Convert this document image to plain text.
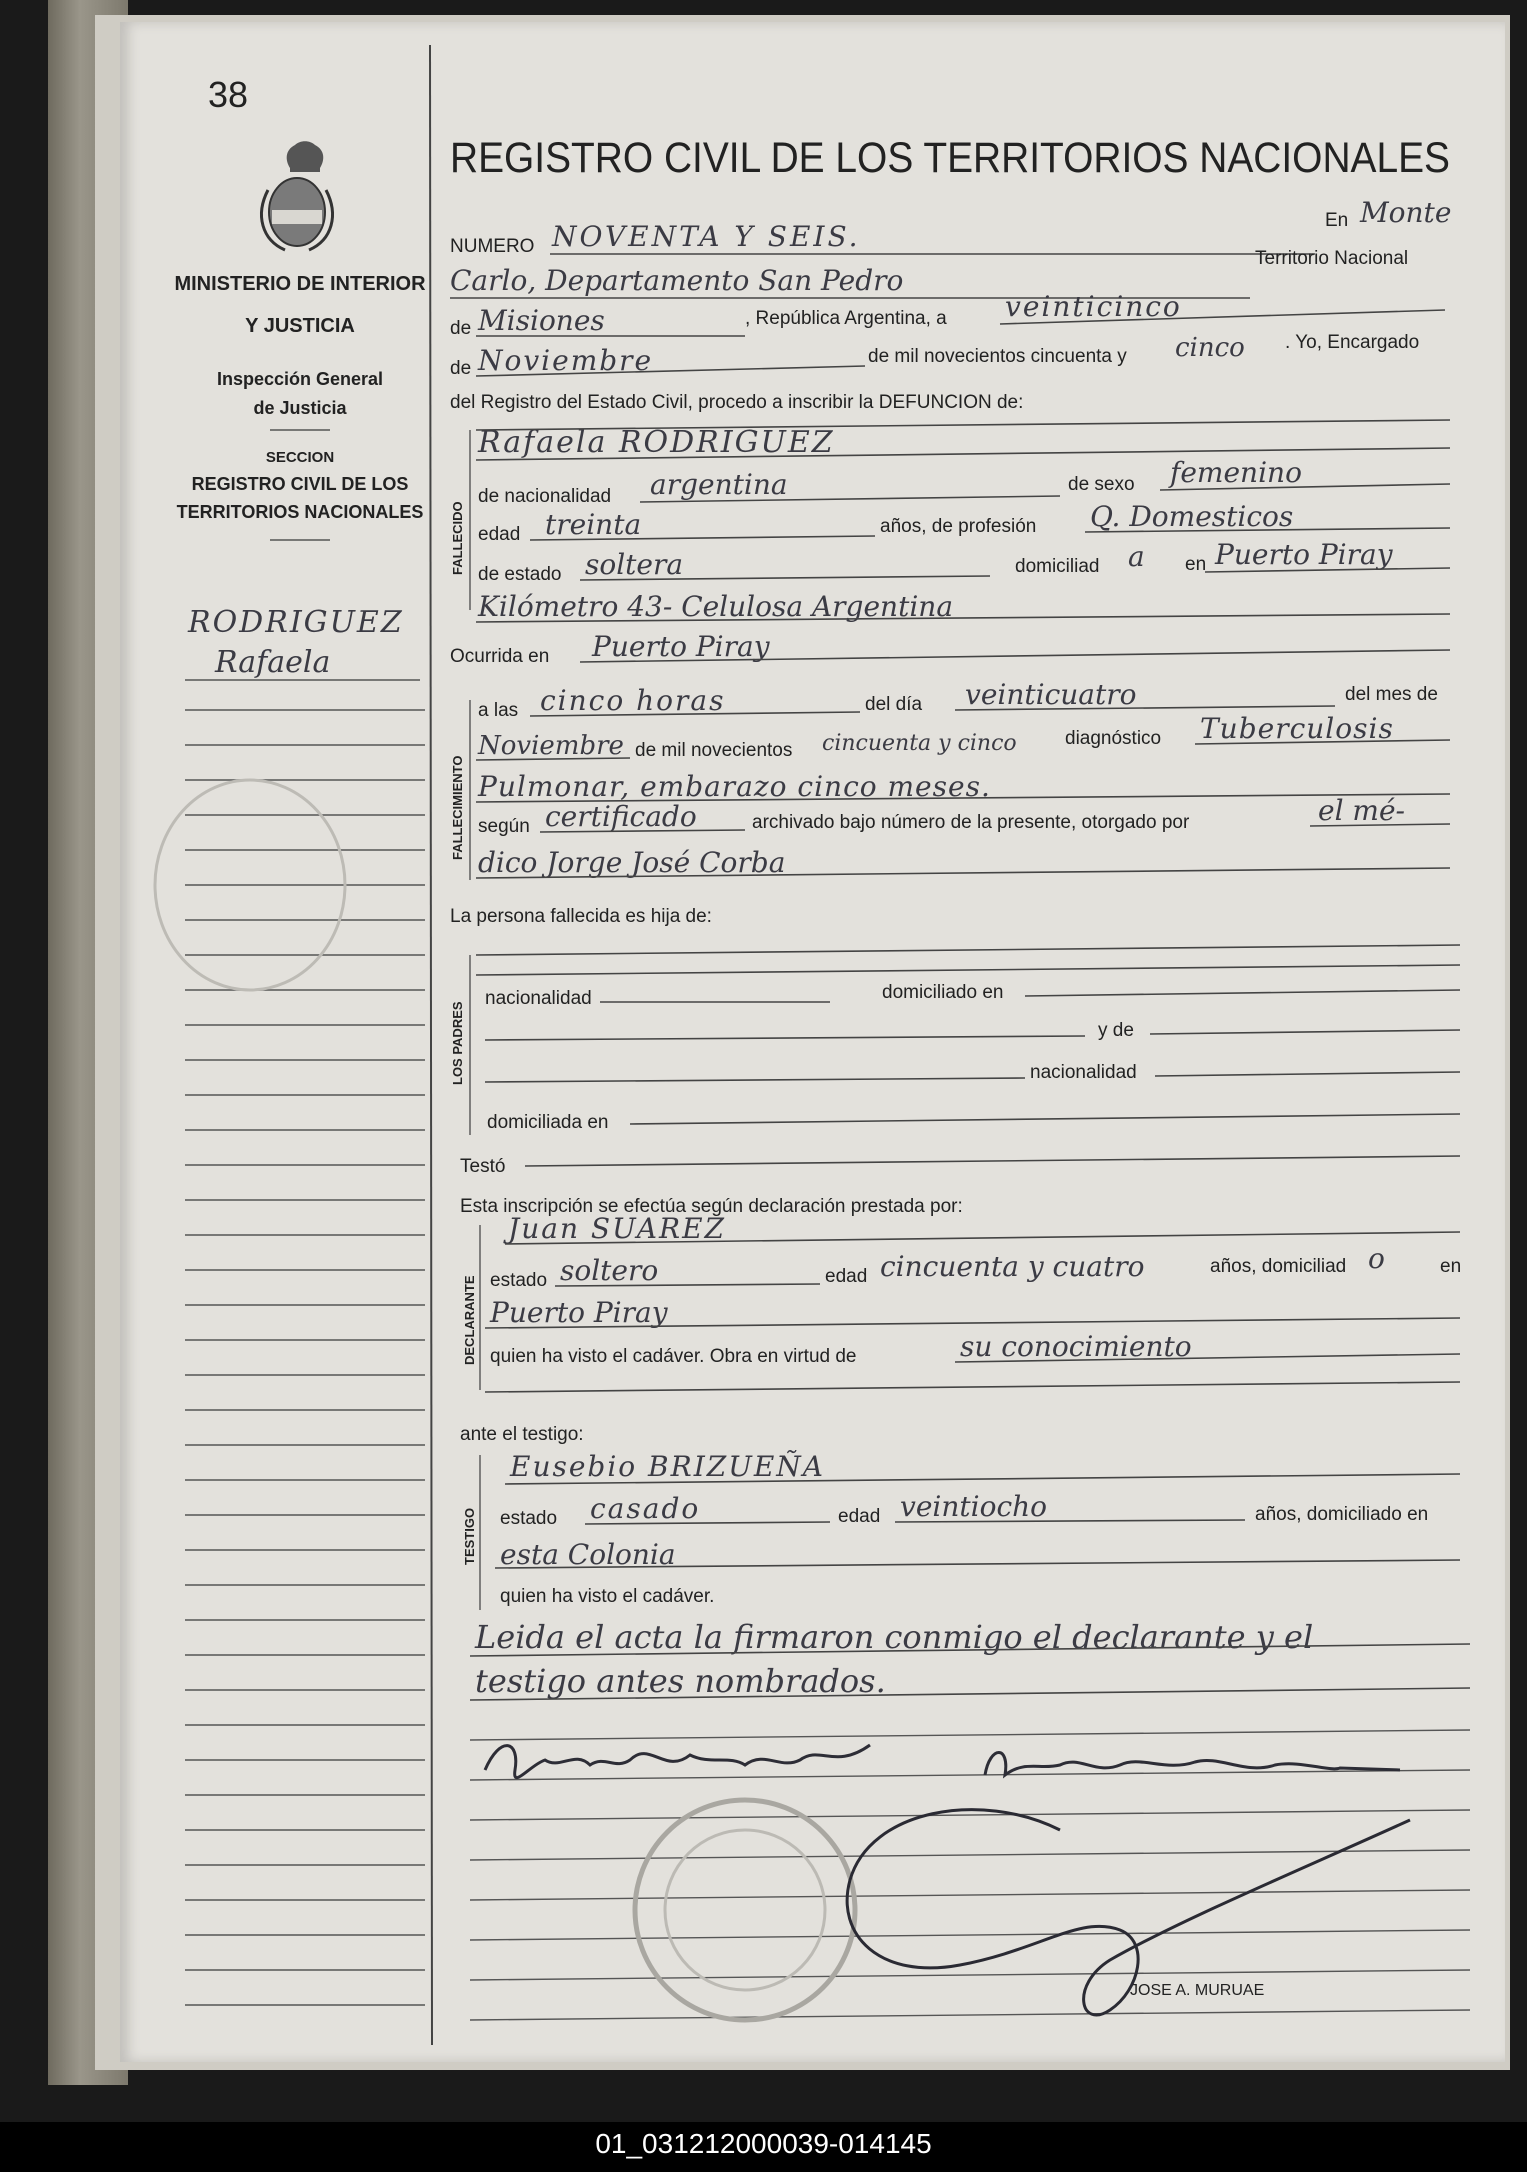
38
MINISTERIO DE INTERIOR
Y JUSTICIA
Inspección General
de Justicia
SECCION
REGISTRO CIVIL DE LOS
TERRITORIOS NACIONALES
RODRIGUEZ
Rafaela
REGISTRO CIVIL DE LOS TERRITORIOS NACIONALES
NUMERO NOVENTA Y SEIS.	En Monte
Carlo, Departamento San Pedro
Territorio Nacional
de Misiones	, República Argentina, a veinticinco
de Noviembre	de mil novecientos cincuenta y cinco . Yo, Encargado
del Registro del Estado Civil, procedo a inscribir la DEFUNCION de:
FALLECIDO
Rafaela RODRIGUEZ
de nacionalidad argentina	de sexo femenino
edad treinta	años, de profesión Q. Domesticos
de estado soltera	domiciliad a en Puerto Piray
Kilómetro 43- Celulosa Argentina
Ocurrida en Puerto Piray
FALLECIMIENTO
a las cinco horas	del día veinticuatro	del mes de
Noviembre de mil novecientos cincuenta y cinco	diagnóstico Tuberculosis
Pulmonar, embarazo cinco meses.
según certificado	archivado bajo número de la presente, otorgado por	el mé-
dico Jorge José Corba
La persona fallecida es hija de:
LOS PADRES
nacionalidad	domiciliado en
y de
nacionalidad
domiciliada en
Testó
Esta inscripción se efectúa según declaración prestada por:
DECLARANTE
Juan SUAREZ
estado soltero	edad cincuenta y cuatro	años, domiciliad o	en
Puerto Piray
quien ha visto el cadáver. Obra en virtud de	su conocimiento
ante el testigo:
TESTIGO
Eusebio BRIZUEÑA
estado casado	edad veintiocho	años, domiciliado en
esta Colonia
quien ha visto el cadáver.
Leida el acta la firmaron conmigo el declarante y el
testigo antes nombrados.
JOSE A. MURUAE
01_031212000039-014145
